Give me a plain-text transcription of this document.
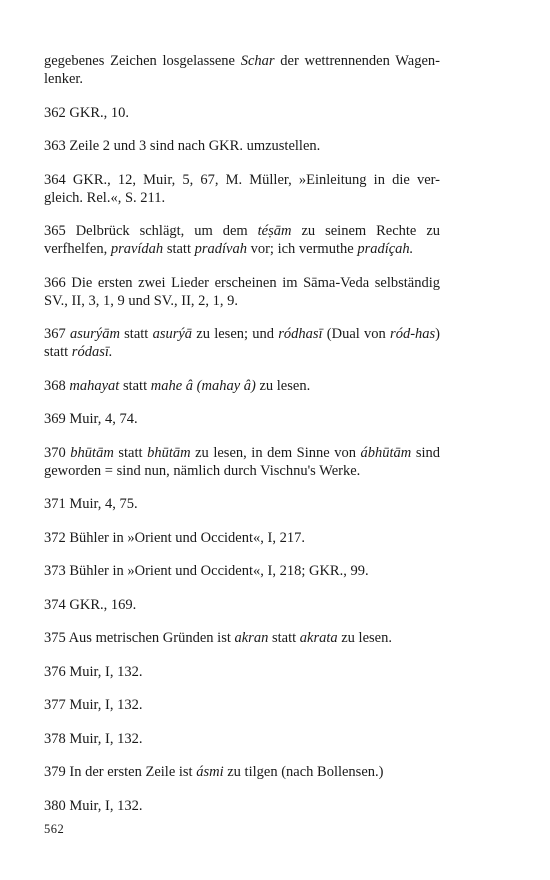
gegebenes Zeichen losgelassene Schar der wettrennenden Wagen-lenker.

362 GKR., 10.

363 Zeile 2 und 3 sind nach GKR. umzustellen.

364 GKR., 12, Muir, 5, 67, M. Müller, »Einleitung in die ver-gleich. Rel.«, S. 211.

365 Delbrück schlägt, um dem téṣām zu seinem Rechte zu verfhelfen, pravídah statt pradívah vor; ich vermuthe pradíçah.

366 Die ersten zwei Lieder erscheinen im Sāma-Veda selbständig SV., II, 3, 1, 9 und SV., II, 2, 1, 9.

367 asurýām statt asurýā zu lesen; und ródhasī (Dual von ród-has) statt ródasī.

368 mahayat statt mahe â (mahay â) zu lesen.

369 Muir, 4, 74.

370 bhūtām statt bhūtām zu lesen, in dem Sinne von ábhūtām sind geworden = sind nun, nämlich durch Vischnu's Werke.

371 Muir, 4, 75.

372 Bühler in »Orient und Occident«, I, 217.

373 Bühler in »Orient und Occident«, I, 218; GKR., 99.

374 GKR., 169.

375 Aus metrischen Gründen ist akran statt akrata zu lesen.

376 Muir, I, 132.

377 Muir, I, 132.

378 Muir, I, 132.

379 In der ersten Zeile ist ásmi zu tilgen (nach Bollensen.)

380 Muir, I, 132.

562
